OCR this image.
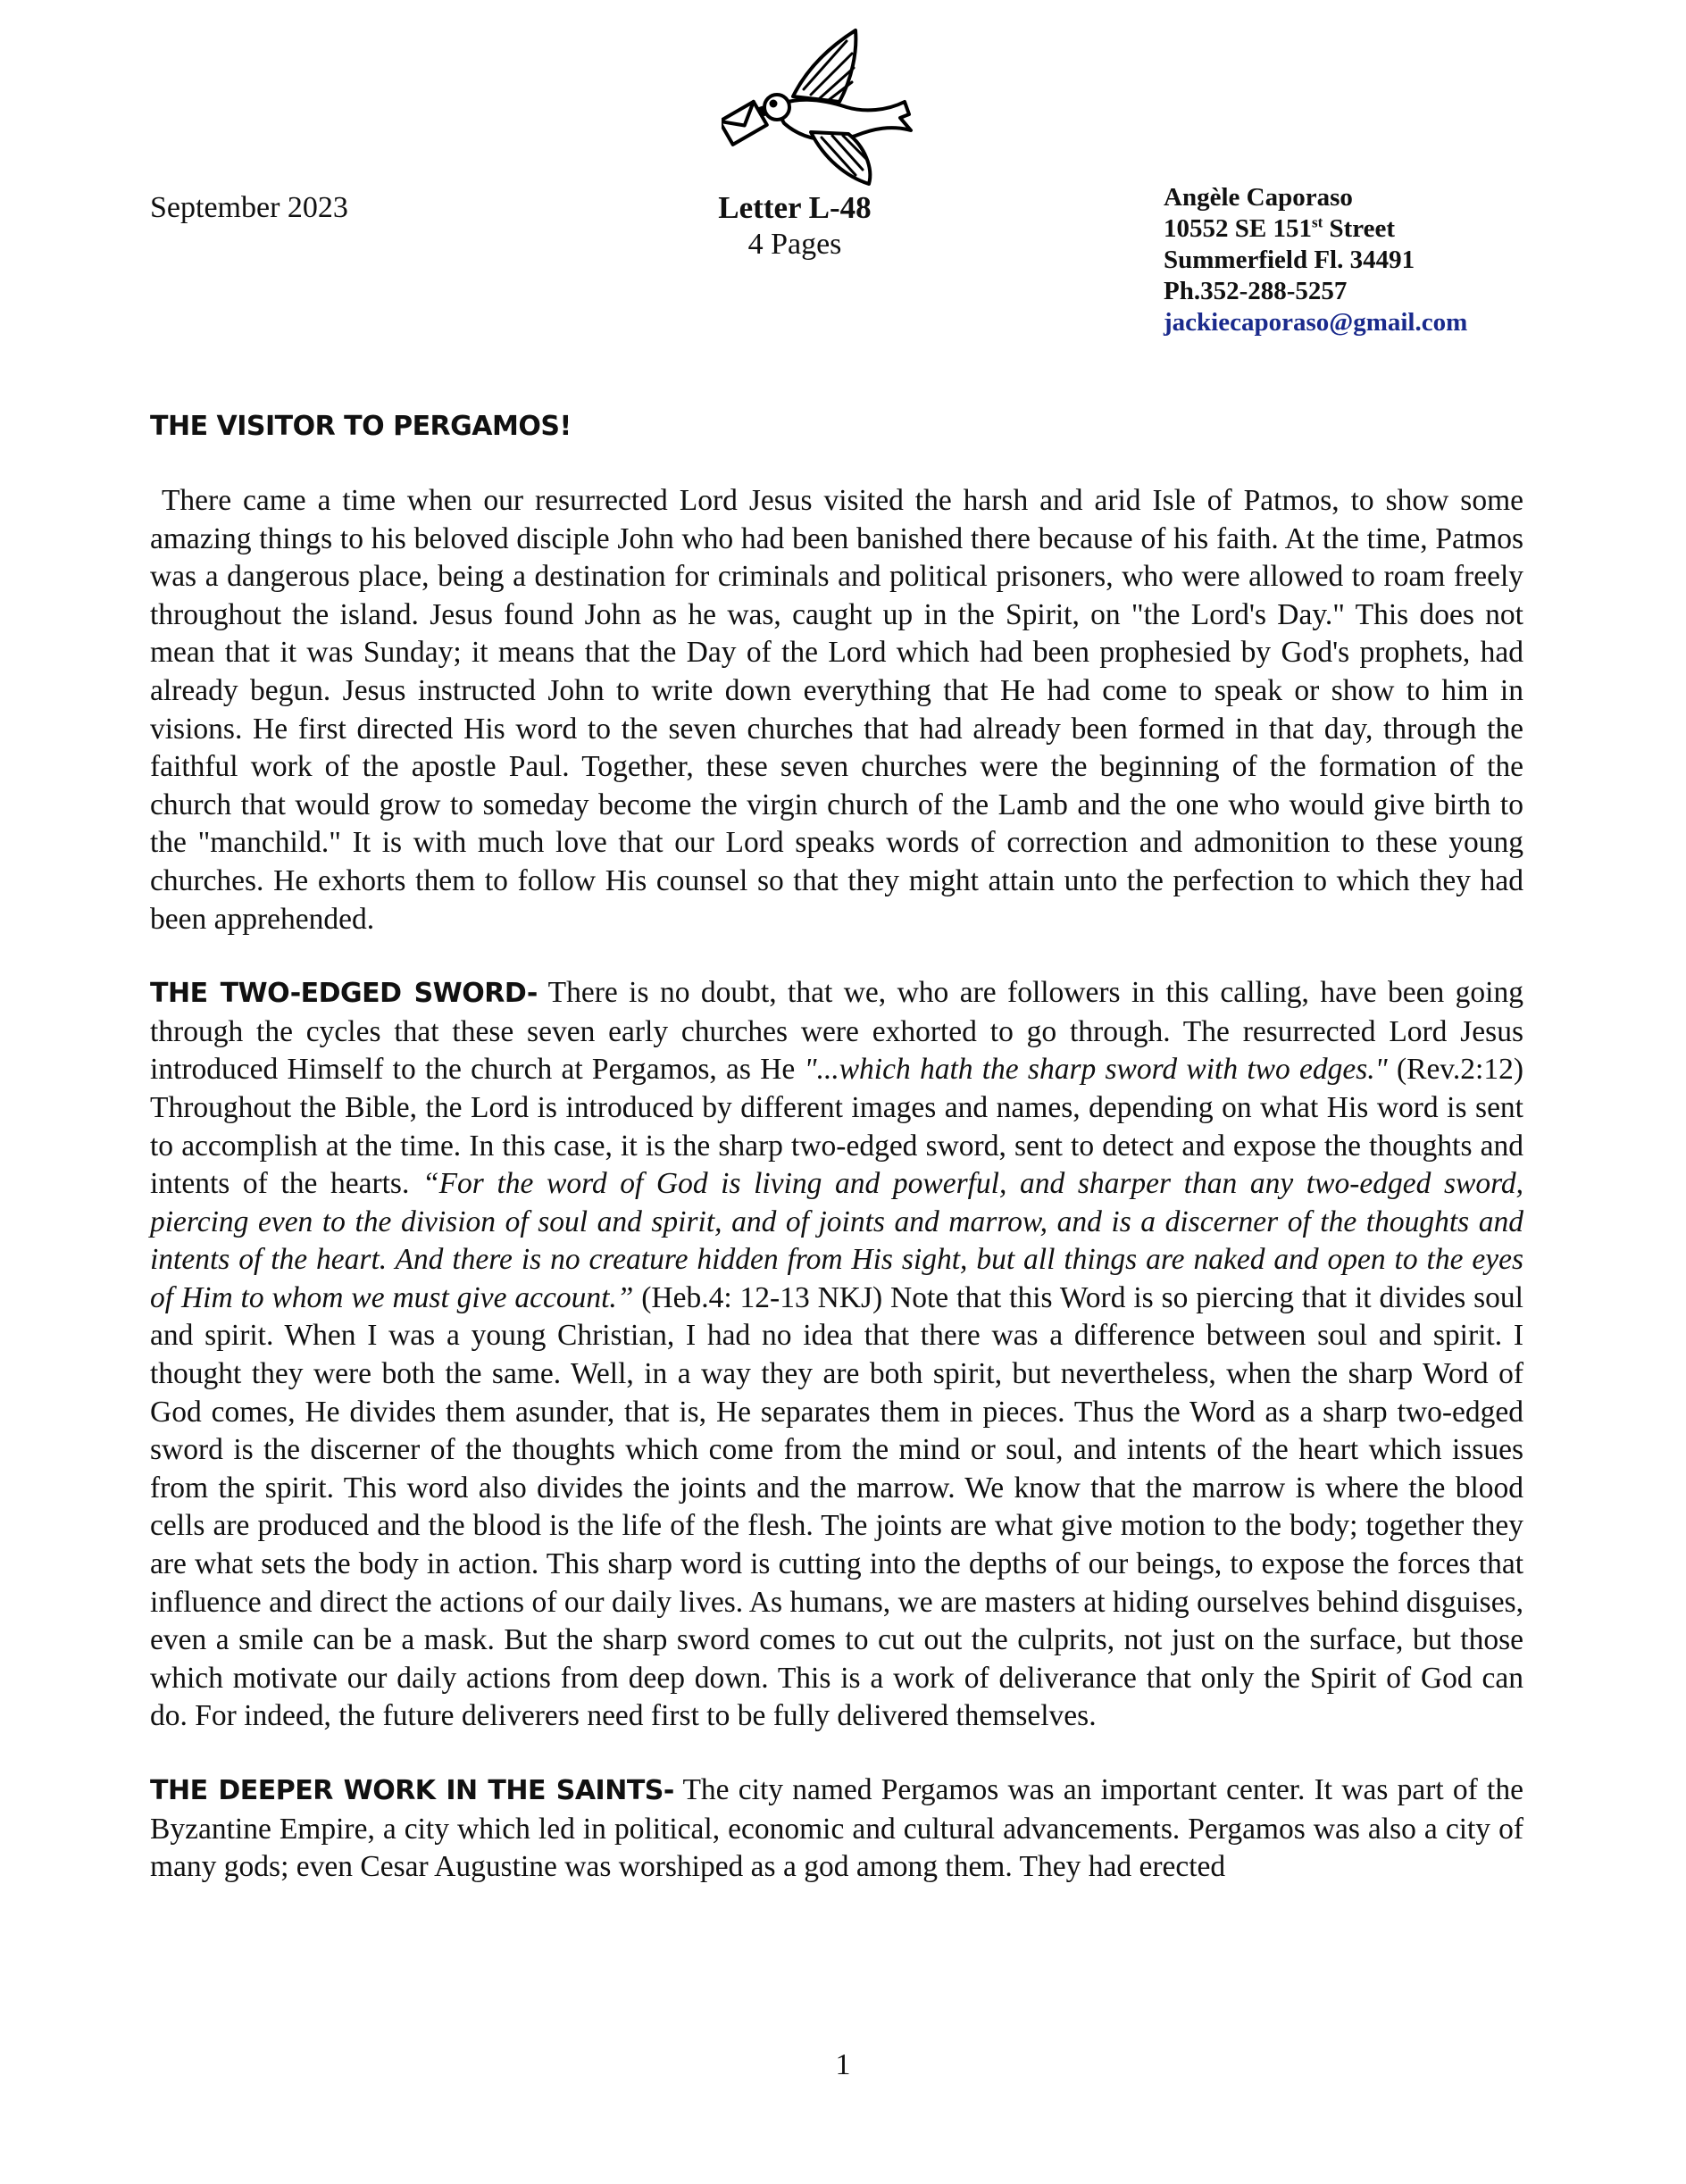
September 2023	Letter L-48
4 Pages
Angèle Caporaso
10552 SE 151st Street
Summerfield Fl. 34491
Ph.352-288-5257
jackiecaporaso@gmail.com
THE VISITOR TO PERGAMOS!

There came a time when our resurrected Lord Jesus visited the harsh and arid Isle of Patmos, to show some amazing things to his beloved disciple John who had been banished there because of his faith. At the time, Patmos was a dangerous place, being a destination for criminals and political prisoners, who were allowed to roam freely throughout the island. Jesus found John as he was, caught up in the Spirit, on "the Lord's Day." This does not mean that it was Sunday; it means that the Day of the Lord which had been prophesied by God's prophets, had already begun. Jesus instructed John to write down everything that He had come to speak or show to him in visions. He first directed His word to the seven churches that had already been formed in that day, through the faithful work of the apostle Paul. Together, these seven churches were the beginning of the formation of the church that would grow to someday become the virgin church of the Lamb and the one who would give birth to the "manchild." It is with much love that our Lord speaks words of correction and admonition to these young churches. He exhorts them to follow His counsel so that they might attain unto the perfection to which they had been apprehended.

THE TWO-EDGED SWORD- There is no doubt, that we, who are followers in this calling, have been going through the cycles that these seven early churches were exhorted to go through. The resurrected Lord Jesus introduced Himself to the church at Pergamos, as He "...which hath the sharp sword with two edges." (Rev.2:12) Throughout the Bible, the Lord is introduced by different images and names, depending on what His word is sent to accomplish at the time. In this case, it is the sharp two-edged sword, sent to detect and expose the thoughts and intents of the hearts. “For the word of God is living and powerful, and sharper than any two-edged sword, piercing even to the division of soul and spirit, and of joints and marrow, and is a discerner of the thoughts and intents of the heart. And there is no creature hidden from His sight, but all things are naked and open to the eyes of Him to whom we must give account.” (Heb.4: 12-13 NKJ) Note that this Word is so piercing that it divides soul and spirit. When I was a young Christian, I had no idea that there was a difference between soul and spirit. I thought they were both the same. Well, in a way they are both spirit, but nevertheless, when the sharp Word of God comes, He divides them asunder, that is, He separates them in pieces. Thus the Word as a sharp two-edged sword is the discerner of the thoughts which come from the mind or soul, and intents of the heart which issues from the spirit. This word also divides the joints and the marrow. We know that the marrow is where the blood cells are produced and the blood is the life of the flesh. The joints are what give motion to the body; together they are what sets the body in action. This sharp word is cutting into the depths of our beings, to expose the forces that influence and direct the actions of our daily lives. As humans, we are masters at hiding ourselves behind disguises, even a smile can be a mask. But the sharp sword comes to cut out the culprits, not just on the surface, but those which motivate our daily actions from deep down. This is a work of deliverance that only the Spirit of God can do. For indeed, the future deliverers need first to be fully delivered themselves.

THE DEEPER WORK IN THE SAINTS- The city named Pergamos was an important center. It was part of the Byzantine Empire, a city which led in political, economic and cultural advancements. Pergamos was also a city of many gods; even Cesar Augustine was worshiped as a god among them. They had erected

1
